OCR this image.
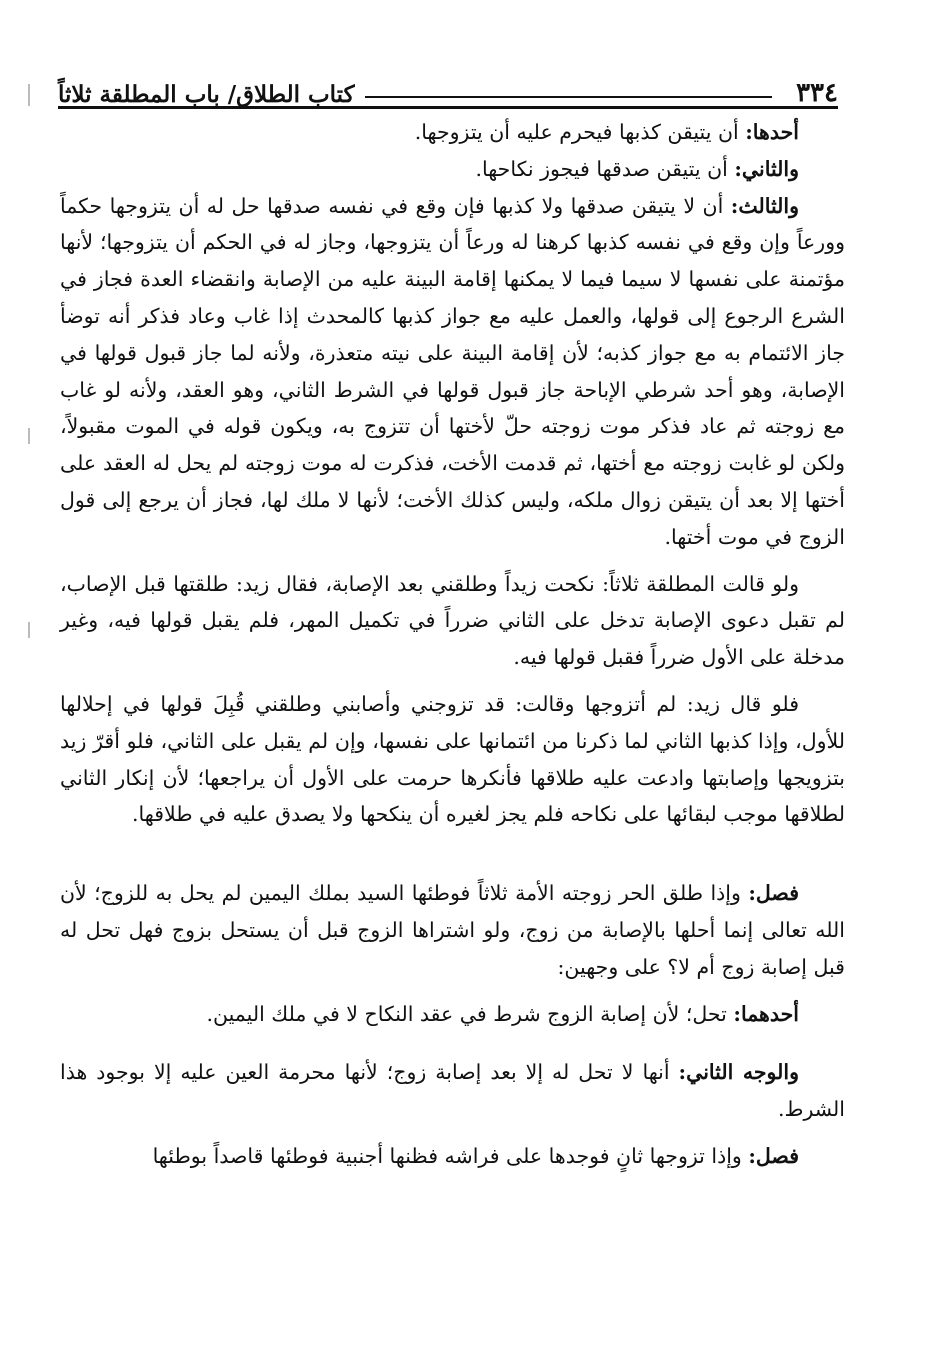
٣٣٤
كتاب الطلاق/ باب المطلقة ثلاثاً

أحدها: أن يتيقن كذبها فيحرم عليه أن يتزوجها.

والثاني: أن يتيقن صدقها فيجوز نكاحها.

والثالث: أن لا يتيقن صدقها ولا كذبها فإن وقع في نفسه صدقها حل له أن يتزوجها حكماً وورعاً وإن وقع في نفسه كذبها كرهنا له ورعاً أن يتزوجها، وجاز له في الحكم أن يتزوجها؛ لأنها مؤتمنة على نفسها لا سيما فيما لا يمكنها إقامة البينة عليه من الإصابة وانقضاء العدة فجاز في الشرع الرجوع إلى قولها، والعمل عليه مع جواز كذبها كالمحدث إذا غاب وعاد فذكر أنه توضأ جاز الائتمام به مع جواز كذبه؛ لأن إقامة البينة على نيته متعذرة، ولأنه لما جاز قبول قولها في الإصابة، وهو أحد شرطي الإباحة جاز قبول قولها في الشرط الثاني، وهو العقد، ولأنه لو غاب مع زوجته ثم عاد فذكر موت زوجته حلّ لأختها أن تتزوج به، ويكون قوله في الموت مقبولاً، ولكن لو غابت زوجته مع أختها، ثم قدمت الأخت، فذكرت له موت زوجته لم يحل له العقد على أختها إلا بعد أن يتيقن زوال ملكه، وليس كذلك الأخت؛ لأنها لا ملك لها، فجاز أن يرجع إلى قول الزوج في موت أختها.

ولو قالت المطلقة ثلاثاً: نكحت زيداً وطلقني بعد الإصابة، فقال زيد: طلقتها قبل الإصاب، لم تقبل دعوى الإصابة تدخل على الثاني ضرراً في تكميل المهر، فلم يقبل قولها فيه، وغير مدخلة على الأول ضرراً فقبل قولها فيه.

فلو قال زيد: لم أتزوجها وقالت: قد تزوجني وأصابني وطلقني قُبِلَ قولها في إحلالها للأول، وإذا كذبها الثاني لما ذكرنا من ائتمانها على نفسها، وإن لم يقبل على الثاني، فلو أقرّ زيد بتزويجها وإصابتها وادعت عليه طلاقها فأنكرها حرمت على الأول أن يراجعها؛ لأن إنكار الثاني لطلاقها موجب لبقائها على نكاحه فلم يجز لغيره أن ينكحها ولا يصدق عليه في طلاقها.

فصل: وإذا طلق الحر زوجته الأمة ثلاثاً فوطئها السيد بملك اليمين لم يحل به للزوج؛ لأن الله تعالى إنما أحلها بالإصابة من زوج، ولو اشتراها الزوج قبل أن يستحل بزوج فهل تحل له قبل إصابة زوج أم لا؟ على وجهين:

أحدهما: تحل؛ لأن إصابة الزوج شرط في عقد النكاح لا في ملك اليمين.

والوجه الثاني: أنها لا تحل له إلا بعد إصابة زوج؛ لأنها محرمة العين عليه إلا بوجود هذا الشرط.

فصل: وإذا تزوجها ثانٍ فوجدها على فراشه فظنها أجنبية فوطئها قاصداً بوطئها
